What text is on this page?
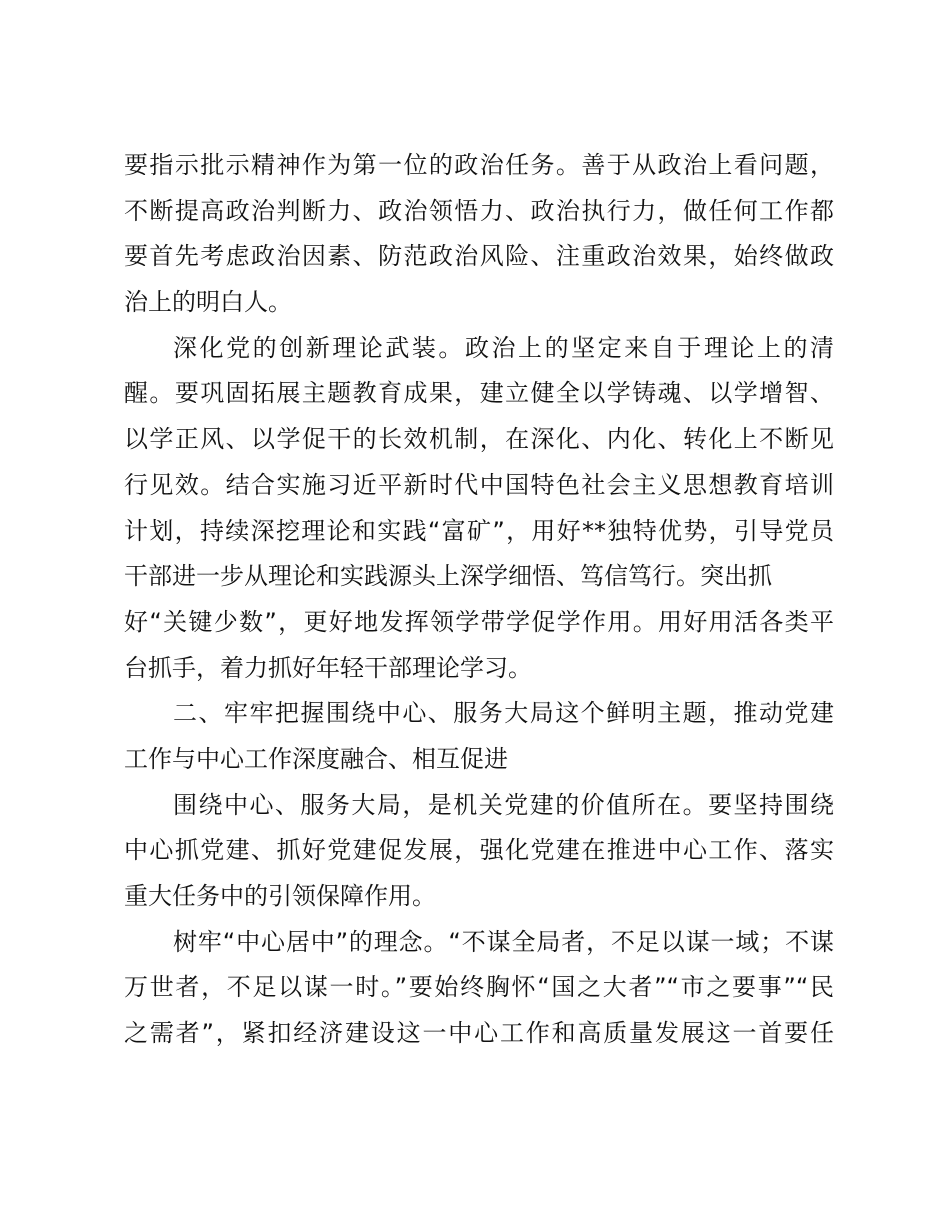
要指示批示精神作为第一位的政治任务。善于从政治上看问题，
不断提高政治判断力、政治领悟力、政治执行力，做任何工作都
要首先考虑政治因素、防范政治风险、注重政治效果，始终做政
治上的明白人。
深化党的创新理论武装。政治上的坚定来自于理论上的清
醒。要巩固拓展主题教育成果，建立健全以学铸魂、以学增智、
以学正风、以学促干的长效机制，在深化、内化、转化上不断见
行见效。结合实施习近平新时代中国特色社会主义思想教育培训
计划，持续深挖理论和实践“富矿”，用好**独特优势，引导党员
干部进一步从理论和实践源头上深学细悟、笃信笃行。突出抓
好“关键少数”，更好地发挥领学带学促学作用。用好用活各类平
台抓手，着力抓好年轻干部理论学习。
二、牢牢把握围绕中心、服务大局这个鲜明主题，推动党建
工作与中心工作深度融合、相互促进
围绕中心、服务大局，是机关党建的价值所在。要坚持围绕
中心抓党建、抓好党建促发展，强化党建在推进中心工作、落实
重大任务中的引领保障作用。
树牢“中心居中”的理念。“不谋全局者，不足以谋一域；不谋
万世者，不足以谋一时。”要始终胸怀“国之大者”“市之要事”“民
之需者”，紧扣经济建设这一中心工作和高质量发展这一首要任
